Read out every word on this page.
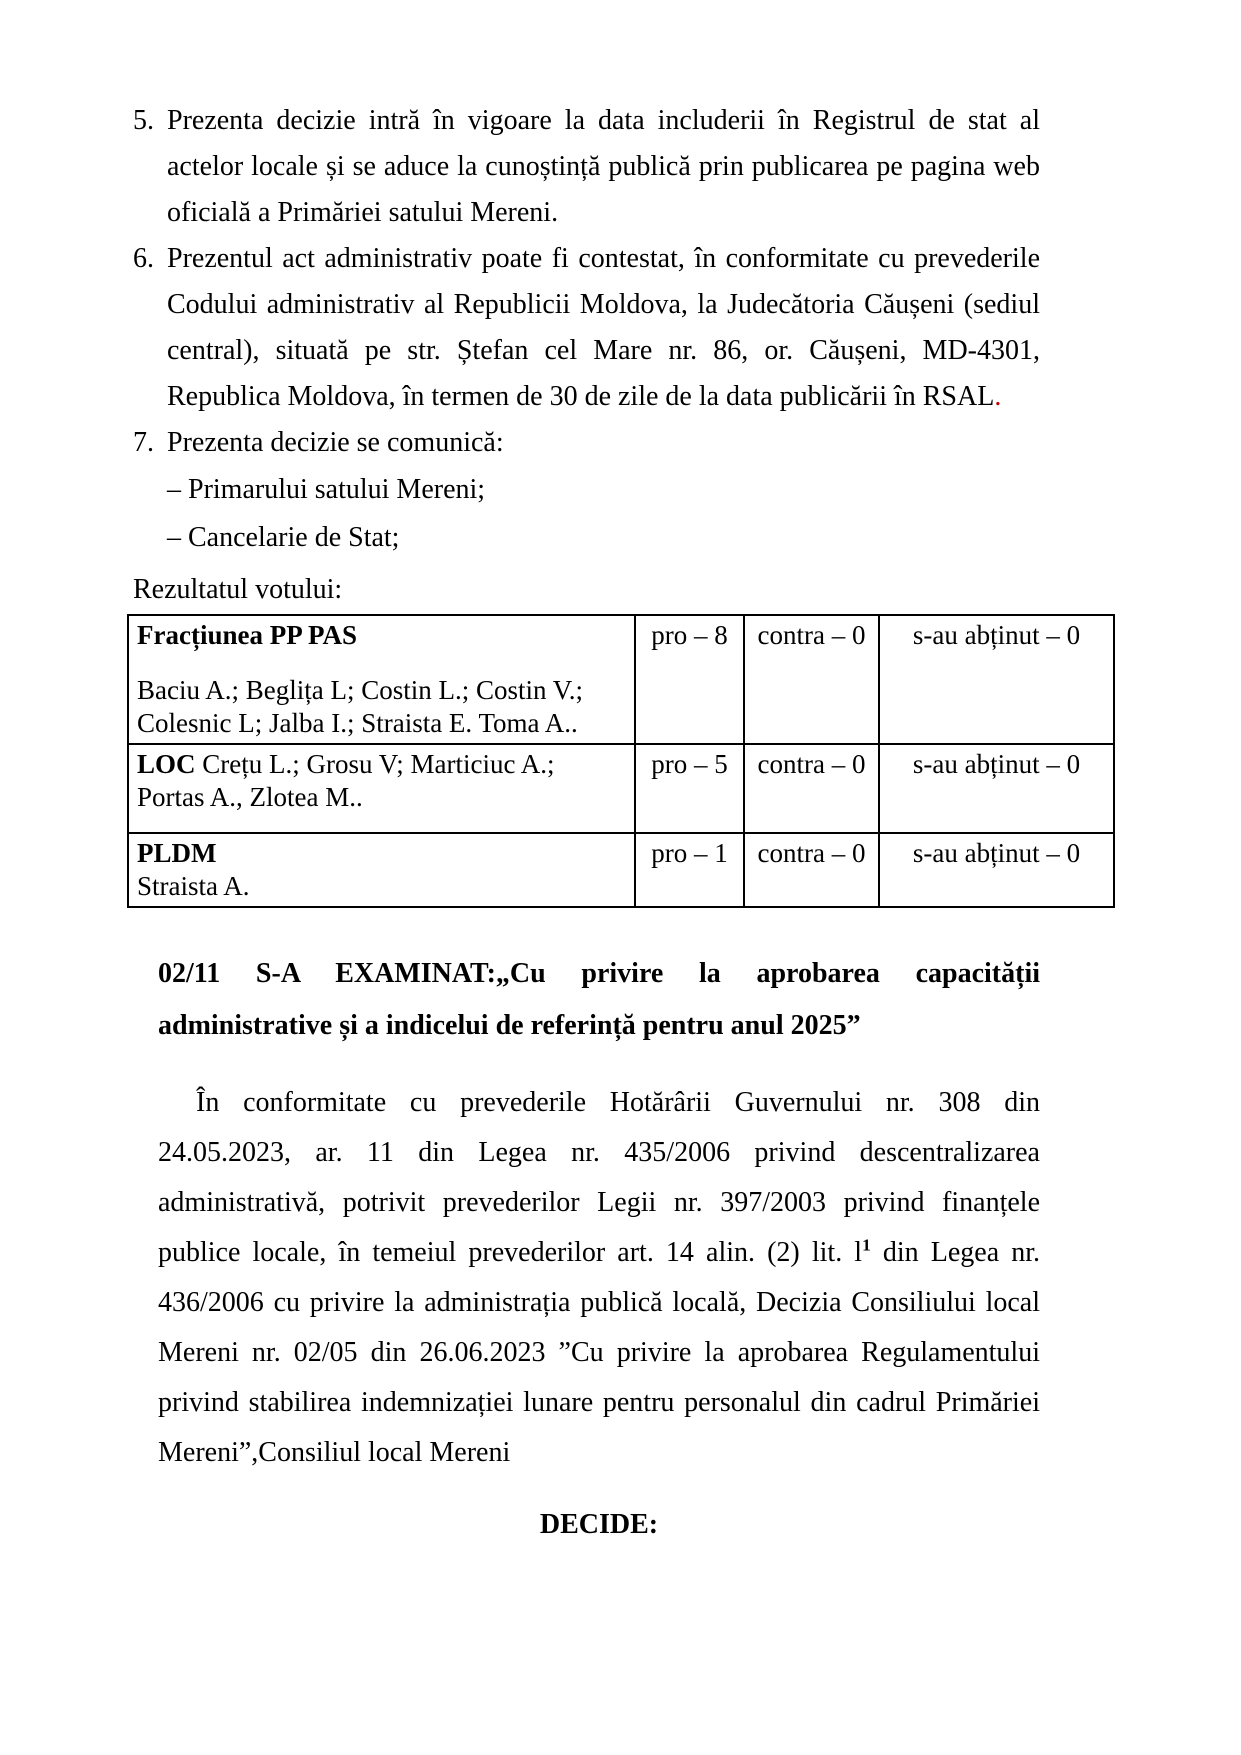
5. Prezenta decizie intră în vigoare la data includerii în Registrul de stat al actelor locale și se aduce la cunoștință publică prin publicarea pe pagina web oficială a Primăriei satului Mereni.
6. Prezentul act administrativ poate fi contestat, în conformitate cu prevederile Codului administrativ al Republicii Moldova, la Judecătoria Căușeni (sediul central), situată pe str. Ștefan cel Mare nr. 86, or. Căușeni, MD-4301, Republica Moldova, în termen de 30 de zile de la data publicării în RSAL.
7. Prezenta decizie se comunică:
– Primarului satului Mereni;
– Cancelarie de Stat;
Rezultatul votului:
Fracțiunea PP PAS
Baciu A.; Beglița L; Costin L.; Costin V.; Colesnic L; Jalba I.; Straista E. Toma A..	pro – 8	contra – 0	s-au abținut – 0
LOC Crețu L.; Grosu V; Marticiuc A.; Portas A., Zlotea M..	pro – 5	contra – 0	s-au abținut – 0

PLDM
Straista A.	pro – 1	contra – 0	s-au abținut – 0
02/11 S-A EXAMINAT:„Cu privire la aprobarea capacității administrative și a indicelui de referință pentru anul 2025”

În conformitate cu prevederile Hotărârii Guvernului nr. 308 din 24.05.2023, ar. 11 din Legea nr. 435/2006 privind descentralizarea administrativă, potrivit prevederilor Legii nr. 397/2003 privind finanțele publice locale, în temeiul prevederilor art. 14 alin. (2) lit. $l^1$ din Legea nr. 436/2006 cu privire la administrația publică locală, Decizia Consiliului local Mereni nr. 02/05 din 26.06.2023 ”Cu privire la aprobarea Regulamentului privind stabilirea indemnizației lunare pentru personalul din cadrul Primăriei Mereni”,Consiliul local Mereni

DECIDE:
